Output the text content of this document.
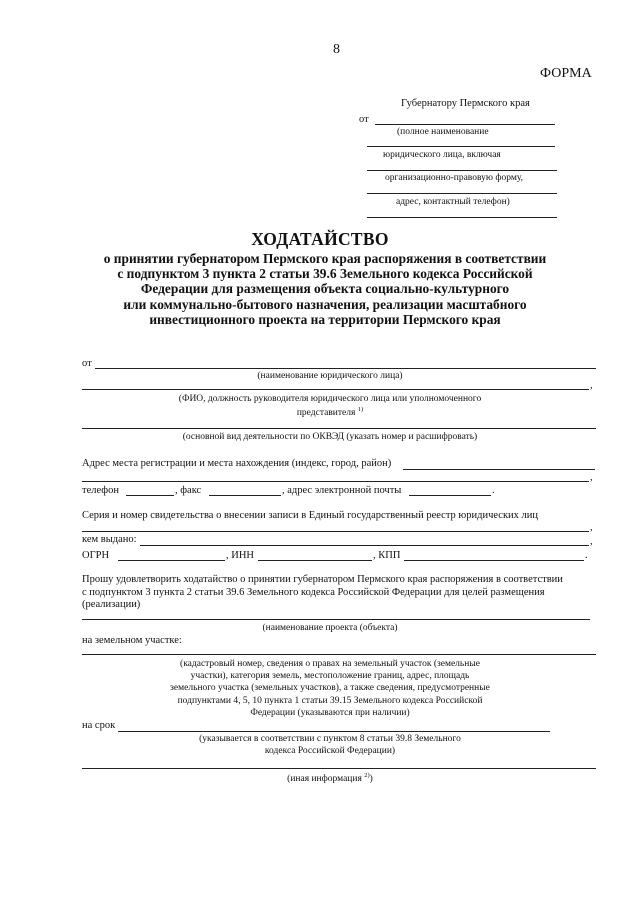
8
ФОРМА
Губернатору Пермского края
от
(полное наименование
юридического лица, включая
организационно-правовую форму,
адрес, контактный телефон)
ХОДАТАЙСТВО
о принятии губернатором Пермского края распоряжения в соответствии
с подпунктом 3 пункта 2 статьи 39.6 Земельного кодекса Российской
Федерации для размещения объекта социально-культурного
или коммунально-бытового назначения, реализации масштабного
инвестиционного проекта на территории Пермского края
от
(наименование юридического лица)
,
(ФИО, должность руководителя юридического лица или уполномоченного
представителя $^{1)}$
(основной вид деятельности по ОКВЭД (указать номер и расшифровать)
Адрес места регистрации и места нахождения (индекс, город, район)
,
телефон	, факс	, адрес электронной почты	.
Серия и номер свидетельства о внесении записи в Единый государственный реестр юридических лиц
,
кем выдано:	,
ОГРН	, ИНН	, КПП	.
Прошу удовлетворить ходатайство о принятии губернатором Пермского края распоряжения в соответствии
с подпунктом 3 пункта 2 статьи 39.6 Земельного кодекса Российской Федерации для целей размещения
(реализации)
(наименование проекта (объекта)
на земельном участке:
(кадастровый номер, сведения о правах на земельный участок (земельные
участки), категория земель, местоположение границ, адрес, площадь
земельного участка (земельных участков), а также сведения, предусмотренные
подпунктами 4, 5, 10 пункта 1 статьи 39.15 Земельного кодекса Российской
Федерации (указываются при наличии)
на срок
(указывается в соответствии с пунктом 8 статьи 39.8 Земельного
кодекса Российской Федерации)
(иная информация $^{2)}$)
